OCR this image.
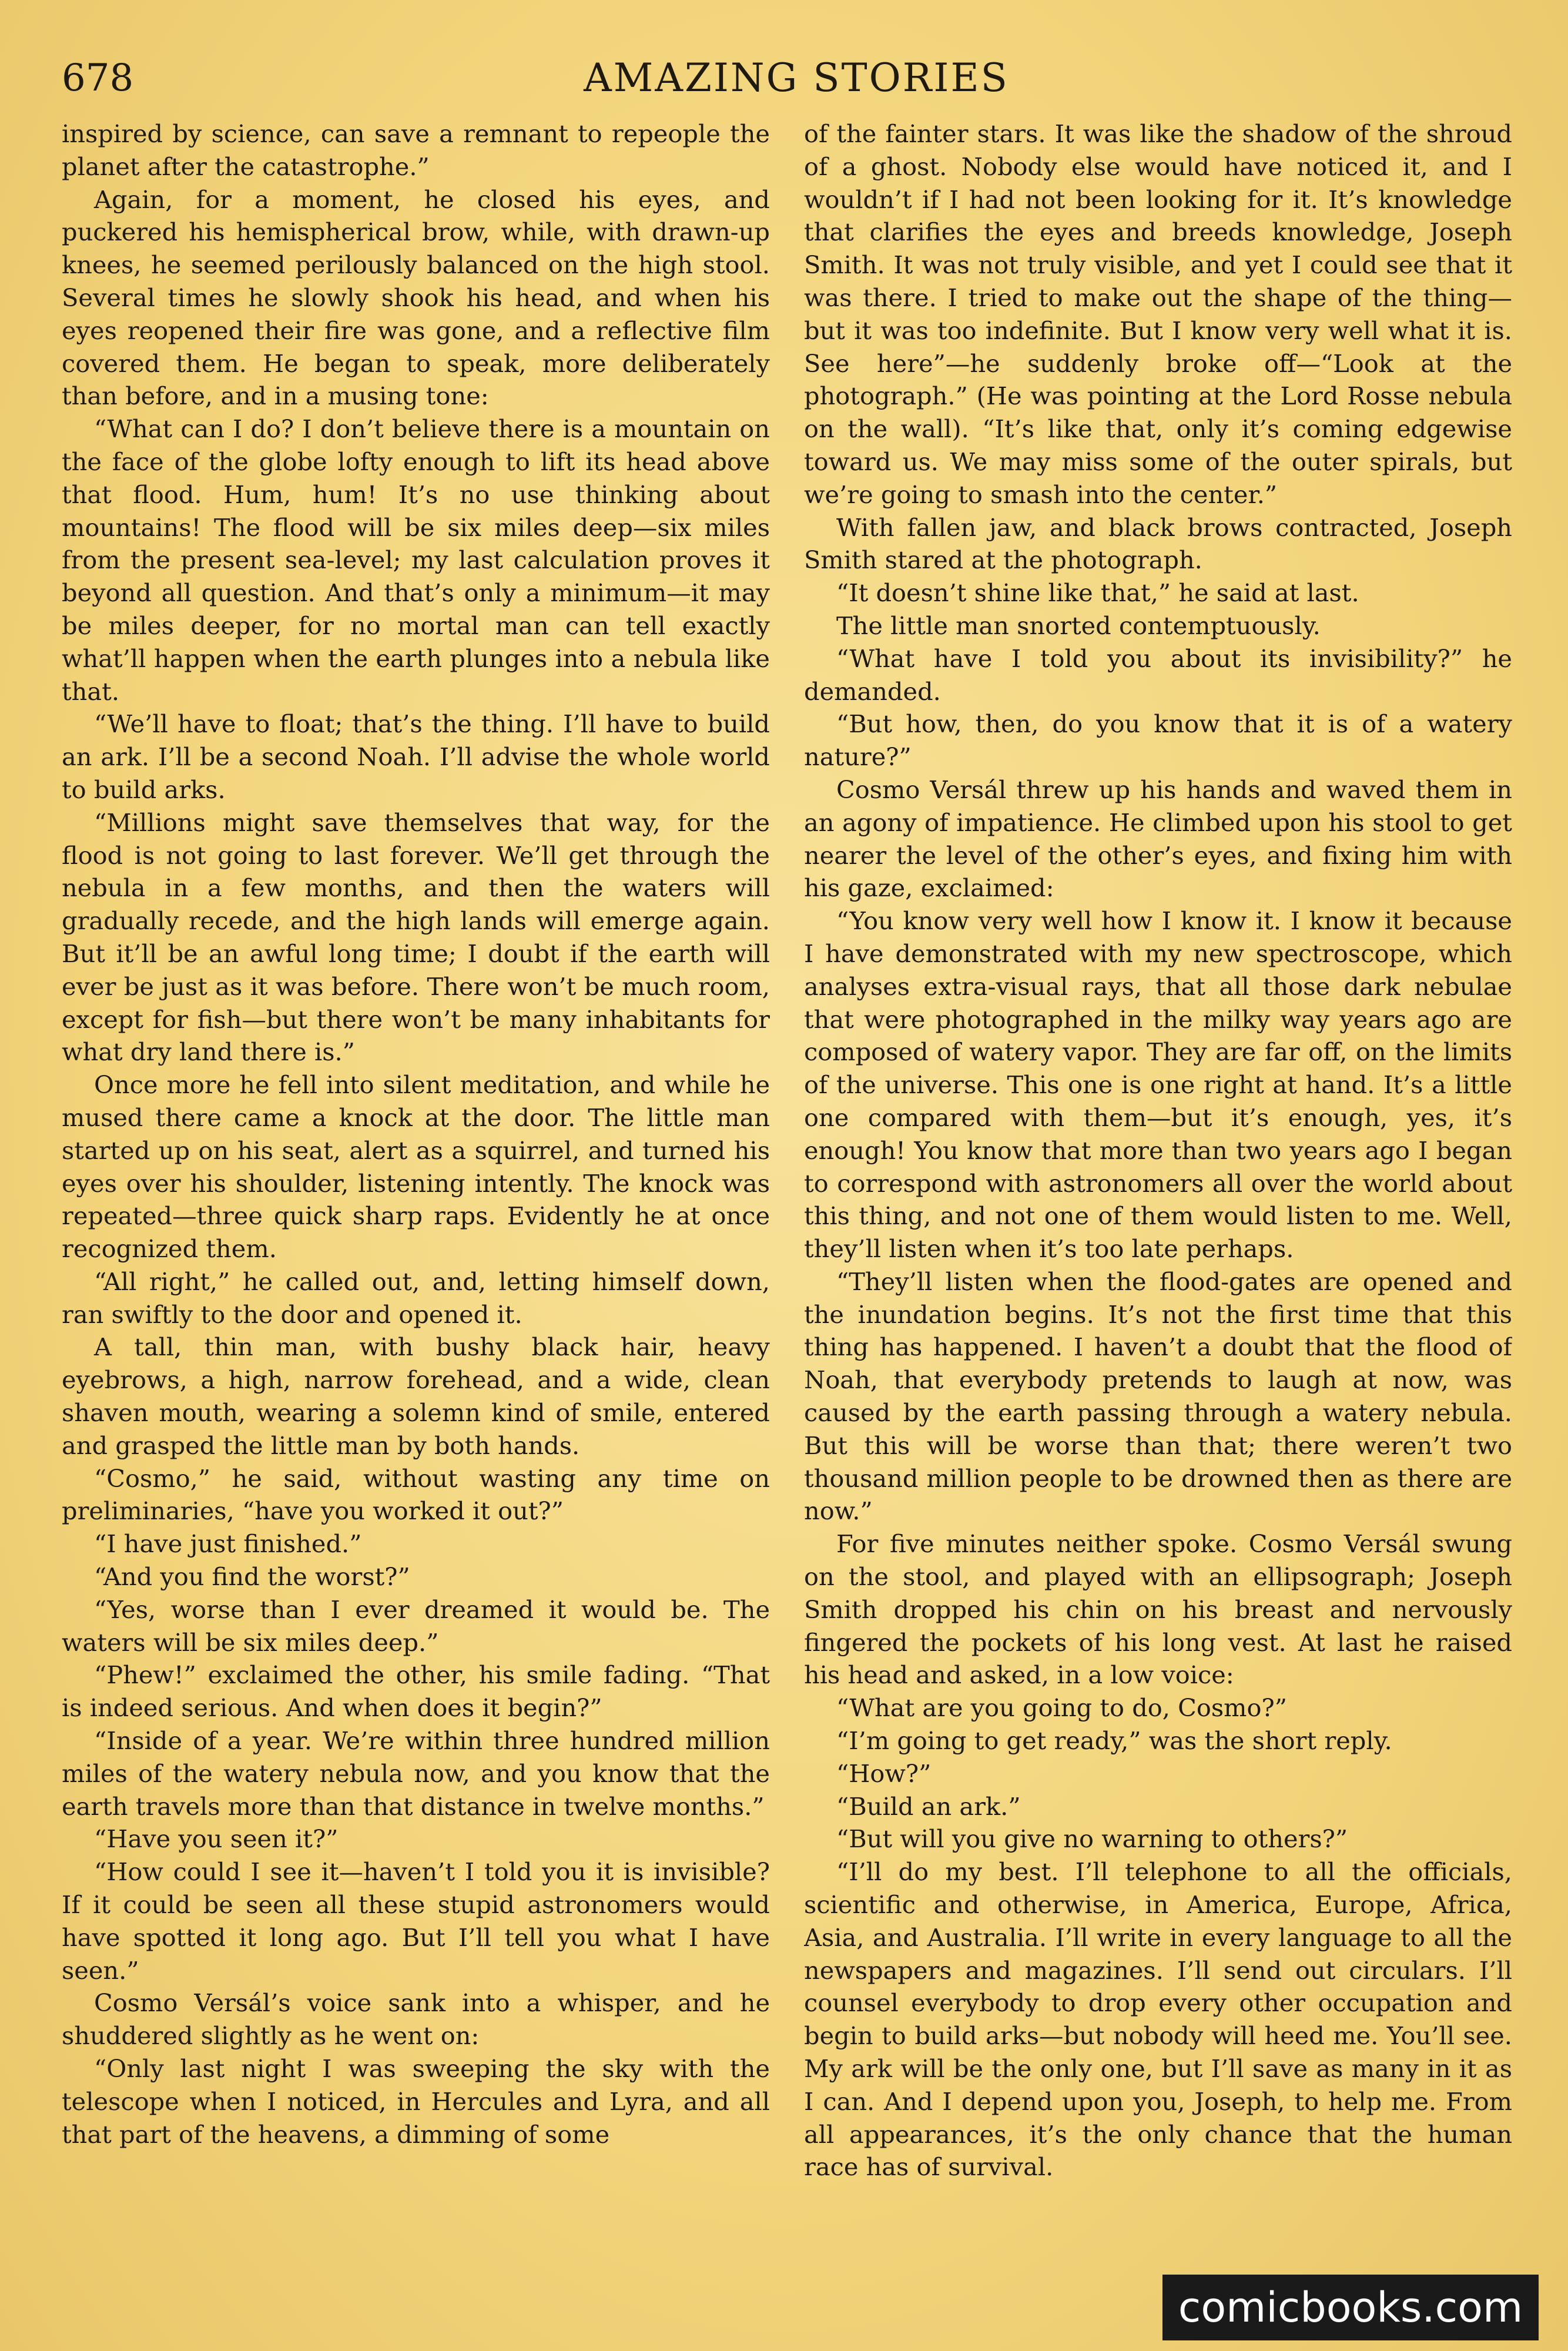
678	AMAZING STORIES

inspired by science, can save a remnant to repeople the planet after the catastrophe.”

Again, for a moment, he closed his eyes, and puckered his hemispherical brow, while, with drawn-up knees, he seemed perilously balanced on the high stool. Several times he slowly shook his head, and when his eyes reopened their fire was gone, and a reflective film covered them. He began to speak, more deliberately than before, and in a musing tone:

“What can I do? I don’t believe there is a mountain on the face of the globe lofty enough to lift its head above that flood. Hum, hum! It’s no use thinking about mountains! The flood will be six miles deep—six miles from the present sea-level; my last calculation proves it beyond all question. And that’s only a minimum—it may be miles deeper, for no mortal man can tell exactly what’ll happen when the earth plunges into a nebula like that.

“We’ll have to float; that’s the thing. I’ll have to build an ark. I’ll be a second Noah. I’ll advise the whole world to build arks.

“Millions might save themselves that way, for the flood is not going to last forever. We’ll get through the nebula in a few months, and then the waters will gradually recede, and the high lands will emerge again. But it’ll be an awful long time; I doubt if the earth will ever be just as it was before. There won’t be much room, except for fish—but there won’t be many inhabitants for what dry land there is.”

Once more he fell into silent meditation, and while he mused there came a knock at the door. The little man started up on his seat, alert as a squirrel, and turned his eyes over his shoulder, listening intently. The knock was repeated—three quick sharp raps. Evidently he at once recognized them.

“All right,” he called out, and, letting himself down, ran swiftly to the door and opened it.

A tall, thin man, with bushy black hair, heavy eyebrows, a high, narrow forehead, and a wide, clean shaven mouth, wearing a solemn kind of smile, entered and grasped the little man by both hands.

“Cosmo,” he said, without wasting any time on preliminaries, “have you worked it out?”

“I have just finished.”

“And you find the worst?”

“Yes, worse than I ever dreamed it would be. The waters will be six miles deep.”

“Phew!” exclaimed the other, his smile fading. “That is indeed serious. And when does it begin?”

“Inside of a year. We’re within three hundred million miles of the watery nebula now, and you know that the earth travels more than that distance in twelve months.”

“Have you seen it?”

“How could I see it—haven’t I told you it is invisible? If it could be seen all these stupid astronomers would have spotted it long ago. But I’ll tell you what I have seen.”

Cosmo Versál’s voice sank into a whisper, and he shuddered slightly as he went on:

“Only last night I was sweeping the sky with the telescope when I noticed, in Hercules and Lyra, and all that part of the heavens, a dimming of some

of the fainter stars. It was like the shadow of the shroud of a ghost. Nobody else would have noticed it, and I wouldn’t if I had not been looking for it. It’s knowledge that clarifies the eyes and breeds knowledge, Joseph Smith. It was not truly visible, and yet I could see that it was there. I tried to make out the shape of the thing—but it was too indefinite. But I know very well what it is. See here”—he suddenly broke off—“Look at the photograph.” (He was pointing at the Lord Rosse nebula on the wall). “It’s like that, only it’s coming edgewise toward us. We may miss some of the outer spirals, but we’re going to smash into the center.”

With fallen jaw, and black brows contracted, Joseph Smith stared at the photograph.

“It doesn’t shine like that,” he said at last.

The little man snorted contemptuously.

“What have I told you about its invisibility?” he demanded.

“But how, then, do you know that it is of a watery nature?”

Cosmo Versál threw up his hands and waved them in an agony of impatience. He climbed upon his stool to get nearer the level of the other’s eyes, and fixing him with his gaze, exclaimed:

“You know very well how I know it. I know it because I have demonstrated with my new spectroscope, which analyses extra-visual rays, that all those dark nebulae that were photographed in the milky way years ago are composed of watery vapor. They are far off, on the limits of the universe. This one is one right at hand. It’s a little one compared with them—but it’s enough, yes, it’s enough! You know that more than two years ago I began to correspond with astronomers all over the world about this thing, and not one of them would listen to me. Well, they’ll listen when it’s too late perhaps.

“They’ll listen when the flood-gates are opened and the inundation begins. It’s not the first time that this thing has happened. I haven’t a doubt that the flood of Noah, that everybody pretends to laugh at now, was caused by the earth passing through a watery nebula. But this will be worse than that; there weren’t two thousand million people to be drowned then as there are now.”

For five minutes neither spoke. Cosmo Versál swung on the stool, and played with an ellipsograph; Joseph Smith dropped his chin on his breast and nervously fingered the pockets of his long vest. At last he raised his head and asked, in a low voice:

“What are you going to do, Cosmo?”

“I’m going to get ready,” was the short reply.

“How?”

“Build an ark.”

“But will you give no warning to others?”

“I’ll do my best. I’ll telephone to all the officials, scientific and otherwise, in America, Europe, Africa, Asia, and Australia. I’ll write in every language to all the newspapers and magazines. I’ll send out circulars. I’ll counsel everybody to drop every other occupation and begin to build arks—but nobody will heed me. You’ll see. My ark will be the only one, but I’ll save as many in it as I can. And I depend upon you, Joseph, to help me. From all appearances, it’s the only chance that the human race has of survival.

comicbooks.com
